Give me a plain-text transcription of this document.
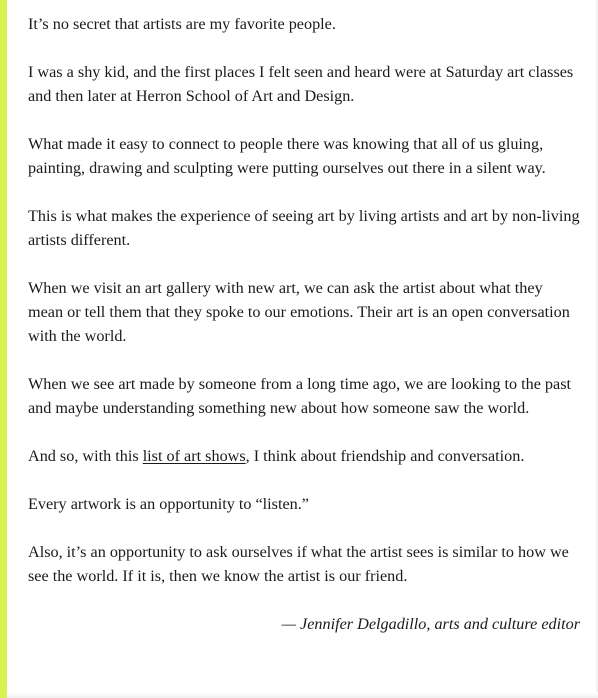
It’s no secret that artists are my favorite people.

I was a shy kid, and the first places I felt seen and heard were at Saturday art classes and then later at Herron School of Art and Design.

What made it easy to connect to people there was knowing that all of us gluing, painting, drawing and sculpting were putting ourselves out there in a silent way.

This is what makes the experience of seeing art by living artists and art by non-living artists different.

When we visit an art gallery with new art, we can ask the artist about what they mean or tell them that they spoke to our emotions. Their art is an open conversation with the world.

When we see art made by someone from a long time ago, we are looking to the past and maybe understanding something new about how someone saw the world.

And so, with this list of art shows, I think about friendship and conversation.

Every artwork is an opportunity to “listen.”

Also, it’s an opportunity to ask ourselves if what the artist sees is similar to how we see the world. If it is, then we know the artist is our friend.

— Jennifer Delgadillo, arts and culture editor
